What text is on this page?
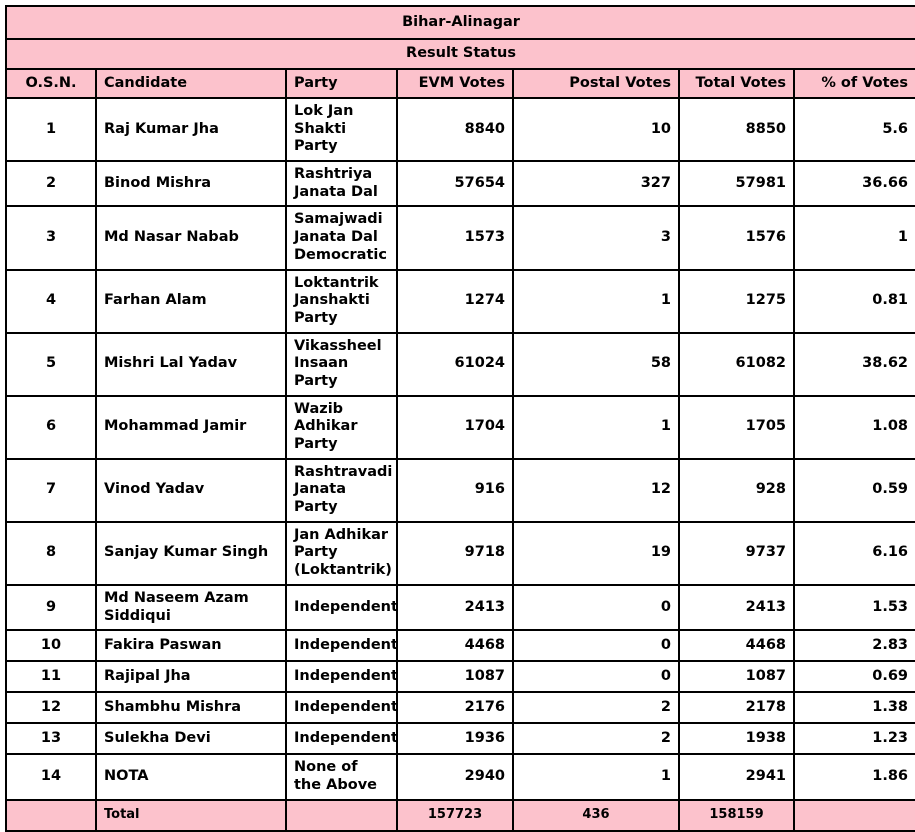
Bihar-Alinagar						
Result Status						
O.S.N.	Candidate	Party	EVM Votes	Postal Votes	Total Votes	% of Votes
1	Raj Kumar Jha	Lok Jan Shakti Party	8840	10	8850	5.6
2	Binod Mishra	Rashtriya Janata Dal	57654	327	57981	36.66
3	Md Nasar Nabab	Samajwadi Janata Dal Democratic	1573	3	1576	1
4	Farhan Alam	Loktantrik Janshakti Party	1274	1	1275	0.81
5	Mishri Lal Yadav	Vikassheel Insaan Party	61024	58	61082	38.62
6	Mohammad Jamir	Wazib Adhikar Party	1704	1	1705	1.08
7	Vinod Yadav	Rashtravadi Janata Party	916	12	928	0.59
8	Sanjay Kumar Singh	Jan Adhikar Party (Loktantrik)	9718	19	9737	6.16
9	Md Naseem Azam Siddiqui	Independent	2413	0	2413	1.53
10	Fakira Paswan	Independent	4468	0	4468	2.83
11	Rajipal Jha	Independent	1087	0	1087	0.69
12	Shambhu Mishra	Independent	2176	2	2178	1.38
13	Sulekha Devi	Independent	1936	2	1938	1.23
14	NOTA	None of the Above	2940	1	2941	1.86
	Total		157723	436	158159	
